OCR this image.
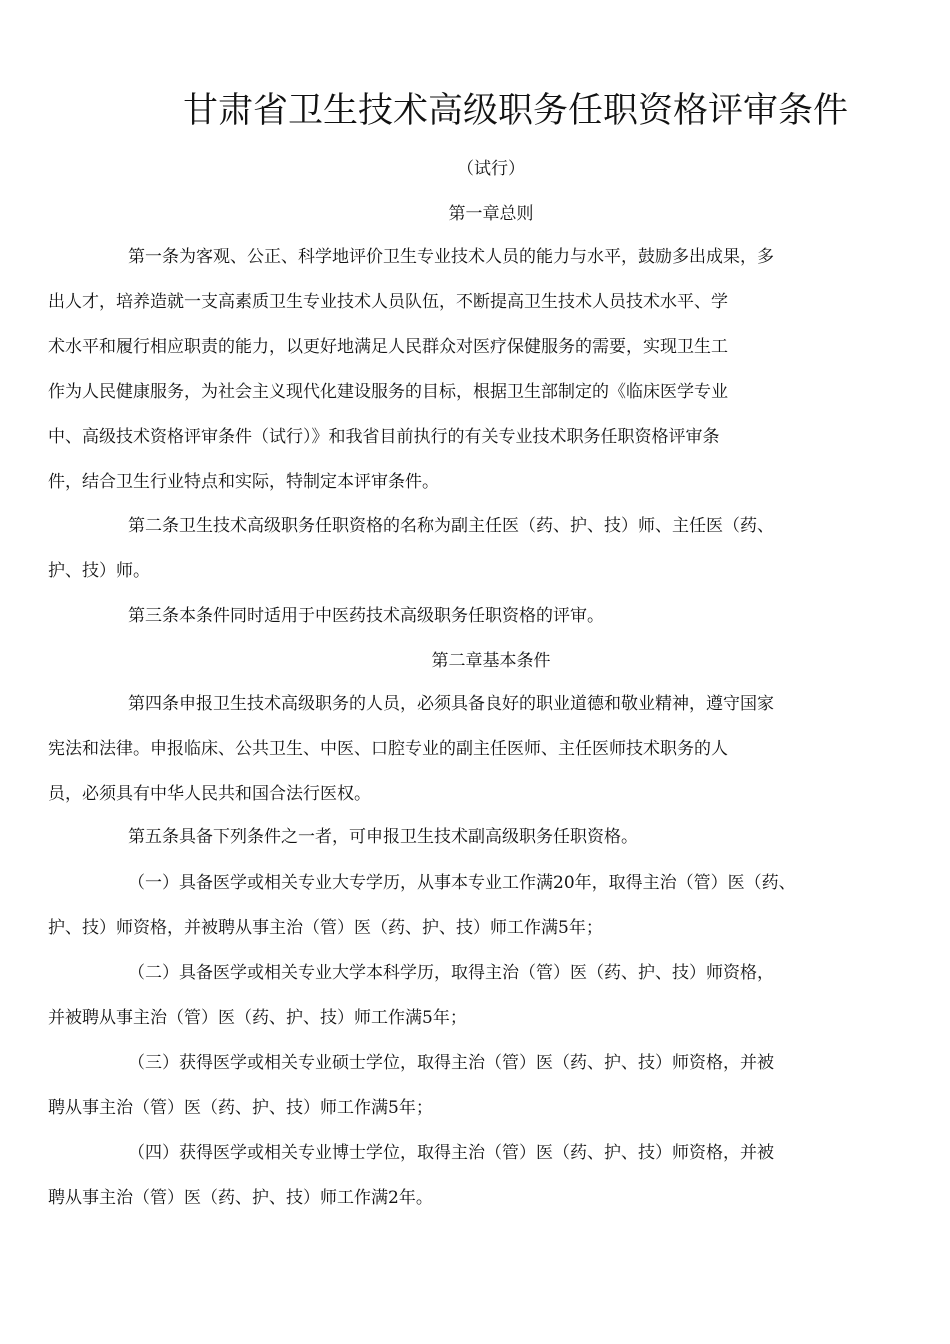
甘肃省卫生技术高级职务任职资格评审条件
（试行）
第一章总则
第一条为客观、公正、科学地评价卫生专业技术人员的能力与水平，鼓励多出成果，多
出人才，培养造就一支高素质卫生专业技术人员队伍，不断提高卫生技术人员技术水平、学
术水平和履行相应职责的能力，以更好地满足人民群众对医疗保健服务的需要，实现卫生工
作为人民健康服务，为社会主义现代化建设服务的目标，根据卫生部制定的《临床医学专业
中、高级技术资格评审条件（试行）》和我省目前执行的有关专业技术职务任职资格评审条
件，结合卫生行业特点和实际，特制定本评审条件。
第二条卫生技术高级职务任职资格的名称为副主任医（药、护、技）师、主任医（药、
护、技）师。
第三条本条件同时适用于中医药技术高级职务任职资格的评审。
第二章基本条件
第四条申报卫生技术高级职务的人员，必须具备良好的职业道德和敬业精神，遵守国家
宪法和法律。申报临床、公共卫生、中医、口腔专业的副主任医师、主任医师技术职务的人
员，必须具有中华人民共和国合法行医权。
第五条具备下列条件之一者，可申报卫生技术副高级职务任职资格。
（一）具备医学或相关专业大专学历，从事本专业工作满20年，取得主治（管）医（药、
护、技）师资格，并被聘从事主治（管）医（药、护、技）师工作满5年；
（二）具备医学或相关专业大学本科学历，取得主治（管）医（药、护、技）师资格，
并被聘从事主治（管）医（药、护、技）师工作满5年；
（三）获得医学或相关专业硕士学位，取得主治（管）医（药、护、技）师资格，并被
聘从事主治（管）医（药、护、技）师工作满5年；
（四）获得医学或相关专业博士学位，取得主治（管）医（药、护、技）师资格，并被
聘从事主治（管）医（药、护、技）师工作满2年。
